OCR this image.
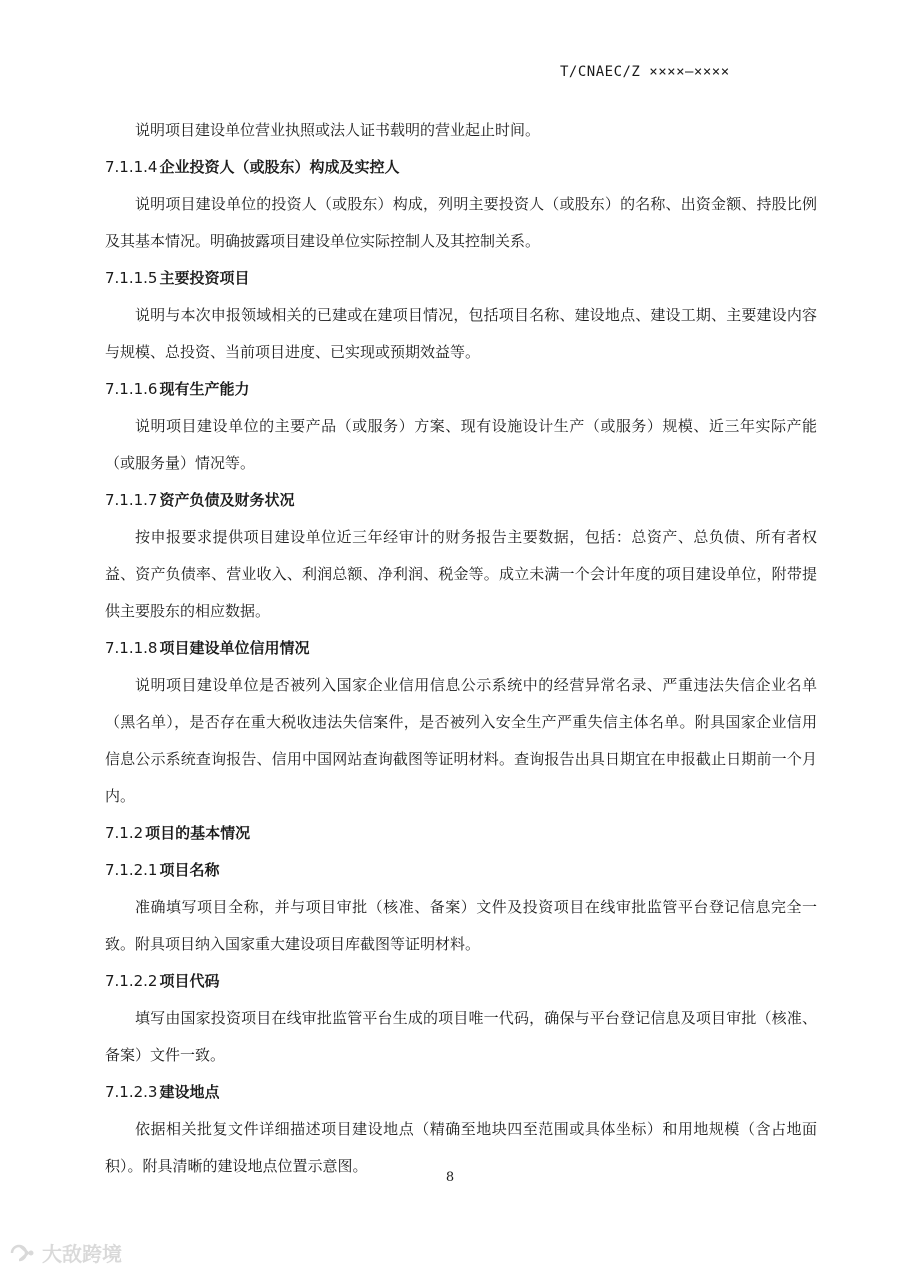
T/CNAEC/Z ××××—××××

说明项目建设单位营业执照或法人证书载明的营业起止时间。

7.1.1.4 企业投资人（或股东）构成及实控人

说明项目建设单位的投资人（或股东）构成，列明主要投资人（或股东）的名称、出资金额、持股比例及其基本情况。明确披露项目建设单位实际控制人及其控制关系。

7.1.1.5 主要投资项目

说明与本次申报领域相关的已建或在建项目情况，包括项目名称、建设地点、建设工期、主要建设内容与规模、总投资、当前项目进度、已实现或预期效益等。

7.1.1.6 现有生产能力

说明项目建设单位的主要产品（或服务）方案、现有设施设计生产（或服务）规模、近三年实际产能（或服务量）情况等。

7.1.1.7 资产负债及财务状况

按申报要求提供项目建设单位近三年经审计的财务报告主要数据，包括：总资产、总负债、所有者权益、资产负债率、营业收入、利润总额、净利润、税金等。成立未满一个会计年度的项目建设单位，附带提供主要股东的相应数据。

7.1.1.8 项目建设单位信用情况

说明项目建设单位是否被列入国家企业信用信息公示系统中的经营异常名录、严重违法失信企业名单（黑名单），是否存在重大税收违法失信案件，是否被列入安全生产严重失信主体名单。附具国家企业信用信息公示系统查询报告、信用中国网站查询截图等证明材料。查询报告出具日期宜在申报截止日期前一个月内。

7.1.2 项目的基本情况

7.1.2.1 项目名称

准确填写项目全称，并与项目审批（核准、备案）文件及投资项目在线审批监管平台登记信息完全一致。附具项目纳入国家重大建设项目库截图等证明材料。

7.1.2.2 项目代码

填写由国家投资项目在线审批监管平台生成的项目唯一代码，确保与平台登记信息及项目审批（核准、备案）文件一致。

7.1.2.3 建设地点

依据相关批复文件详细描述项目建设地点（精确至地块四至范围或具体坐标）和用地规模（含占地面积）。附具清晰的建设地点位置示意图。

8
大敌跨境
